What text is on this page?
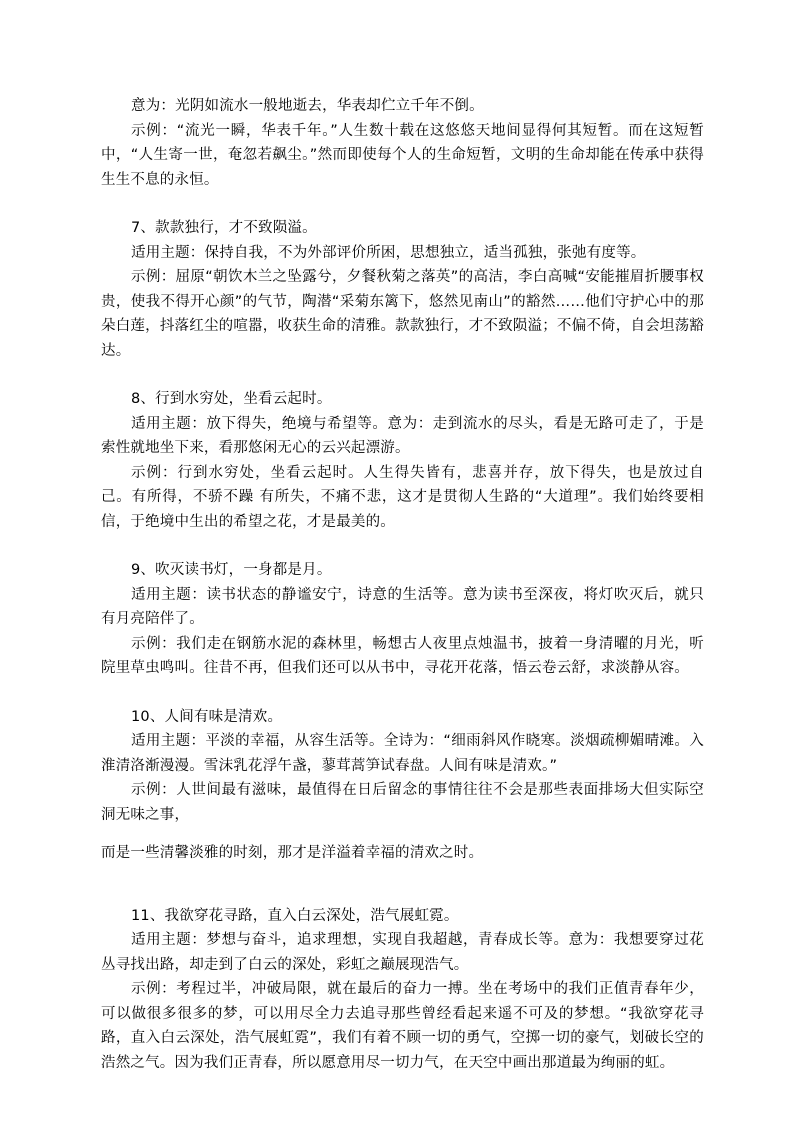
意为：光阴如流水一般地逝去，华表却伫立千年不倒。

示例：“流光一瞬，华表千年。”人生数十载在这悠悠天地间显得何其短暂。而在这短暂中，“人生寄一世，奄忽若飙尘。”然而即使每个人的生命短暂，文明的生命却能在传承中获得生生不息的永恒。

7、款款独行，才不致陨溢。

适用主题：保持自我，不为外部评价所困，思想独立，适当孤独，张弛有度等。

示例：屈原“朝饮木兰之坠露兮，夕餐秋菊之落英”的高洁，李白高喊“安能摧眉折腰事权贵，使我不得开心颜”的气节，陶潜“采菊东篱下，悠然见南山”的豁然……他们守护心中的那朵白莲，抖落红尘的喧嚣，收获生命的清雅。款款独行，才不致陨溢；不偏不倚，自会坦荡豁达。

8、行到水穷处，坐看云起时。

适用主题：放下得失，绝境与希望等。意为：走到流水的尽头，看是无路可走了，于是索性就地坐下来，看那悠闲无心的云兴起漂游。

示例：行到水穷处，坐看云起时。人生得失皆有，悲喜并存，放下得失，也是放过自己。有所得，不骄不躁 有所失，不痛不悲，这才是贯彻人生路的“大道理”。我们始终要相信，于绝境中生出的希望之花，才是最美的。

9、吹灭读书灯，一身都是月。

适用主题：读书状态的静谧安宁，诗意的生活等。意为读书至深夜，将灯吹灭后，就只有月亮陪伴了。

示例：我们走在钢筋水泥的森林里，畅想古人夜里点烛温书，披着一身清曜的月光，听院里草虫鸣叫。往昔不再，但我们还可以从书中，寻花开花落，悟云卷云舒，求淡静从容。

10、人间有味是清欢。

适用主题：平淡的幸福，从容生活等。全诗为：“细雨斜风作晓寒。淡烟疏柳媚晴滩。入淮清洛渐漫漫。雪沫乳花浮午盏，蓼茸蒿笋试春盘。人间有味是清欢。”

示例：人世间最有滋味，最值得在日后留念的事情往往不会是那些表面排场大但实际空洞无味之事，

而是一些清馨淡雅的时刻，那才是洋溢着幸福的清欢之时。

11、我欲穿花寻路，直入白云深处，浩气展虹霓。

适用主题：梦想与奋斗，追求理想，实现自我超越，青春成长等。意为：我想要穿过花丛寻找出路，却走到了白云的深处，彩虹之巅展现浩气。

示例：考程过半，冲破局限，就在最后的奋力一搏。坐在考场中的我们正值青春年少，可以做很多很多的梦，可以用尽全力去追寻那些曾经看起来遥不可及的梦想。“我欲穿花寻路，直入白云深处，浩气展虹霓”，我们有着不顾一切的勇气，空掷一切的豪气，划破长空的浩然之气。因为我们正青春，所以愿意用尽一切力气，在天空中画出那道最为绚丽的虹。
